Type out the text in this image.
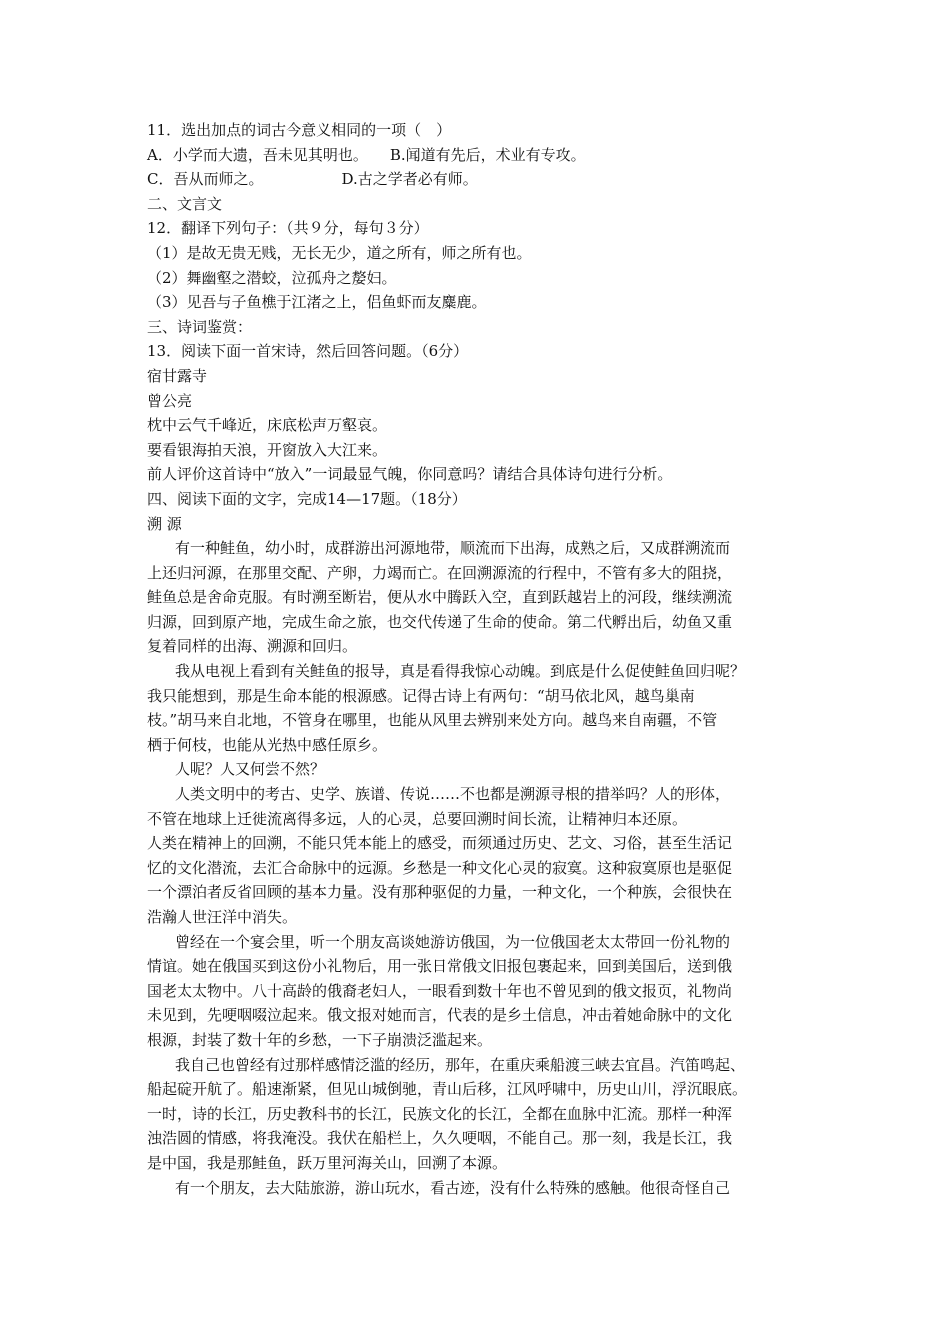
11．选出加点的词古今意义相同的一项（　）
A．小学而大遗，吾未见其明也。 B.闻道有先后，术业有专攻。
C．吾从而师之。	D.古之学者必有师。
二、文言文
12．翻译下列句子：（共９分，每句３分）
（1）是故无贵无贱，无长无少，道之所有，师之所有也。
（2）舞幽壑之潜蛟，泣孤舟之嫠妇。
（3）见吾与子鱼樵于江渚之上，侣鱼虾而友麋鹿。
三、诗词鉴赏：
13．阅读下面一首宋诗，然后回答问题。（6分）
宿甘露寺
曾公亮
枕中云气千峰近，床底松声万壑哀。
要看银海拍天浪，开窗放入大江来。
前人评价这首诗中“放入”一词最显气魄，你同意吗？请结合具体诗句进行分析。
四、阅读下面的文字，完成14—17题。（18分）
溯 源
有一种鲑鱼，幼小时，成群游出河源地带，顺流而下出海，成熟之后，又成群溯流而
上还归河源，在那里交配、产卵，力竭而亡。在回溯源流的行程中，不管有多大的阻挠，
鲑鱼总是舍命克服。有时溯至断岩，便从水中腾跃入空，直到跃越岩上的河段，继续溯流
归源，回到原产地，完成生命之旅，也交代传递了生命的使命。第二代孵出后，幼鱼又重
复着同样的出海、溯源和回归。
我从电视上看到有关鲑鱼的报导，真是看得我惊心动魄。到底是什么促使鲑鱼回归呢？
我只能想到，那是生命本能的根源感。记得古诗上有两句：“胡马依北风，越鸟巢南
枝。”胡马来自北地，不管身在哪里，也能从风里去辨别来处方向。越鸟来自南疆，不管
栖于何枝，也能从光热中感任原乡。
人呢？人又何尝不然？
人类文明中的考古、史学、族谱、传说……不也都是溯源寻根的措举吗？人的形体，
不管在地球上迁徙流离得多远，人的心灵，总要回溯时间长流，让精神归本还原。
人类在精神上的回溯，不能只凭本能上的感受，而须通过历史、艺文、习俗，甚至生活记
忆的文化潜流，去汇合命脉中的远源。乡愁是一种文化心灵的寂寞。这种寂寞原也是驱促
一个漂泊者反省回顾的基本力量。没有那种驱促的力量，一种文化，一个种族，会很快在
浩瀚人世汪洋中消失。
曾经在一个宴会里，听一个朋友高谈她游访俄国，为一位俄国老太太带回一份礼物的
情谊。她在俄国买到这份小礼物后，用一张日常俄文旧报包裹起来，回到美国后，送到俄
国老太太物中。八十高龄的俄裔老妇人，一眼看到数十年也不曾见到的俄文报页，礼物尚
未见到，先哽咽啜泣起来。俄文报对她而言，代表的是乡土信息，冲击着她命脉中的文化
根源，封装了数十年的乡愁，一下子崩溃泛滥起来。
我自己也曾经有过那样感情泛滥的经历，那年，在重庆乘船渡三峡去宜昌。汽笛鸣起、
船起碇开航了。船速渐紧，但见山城倒驰，青山后移，江风呼啸中，历史山川，浮沉眼底。
一时，诗的长江，历史教科书的长江，民族文化的长江，全都在血脉中汇流。那样一种浑
浊浩圆的情感，将我淹没。我伏在船栏上，久久哽咽，不能自己。那一刻，我是长江，我
是中国，我是那鲑鱼，跃万里河海关山，回溯了本源。
有一个朋友，去大陆旅游，游山玩水，看古迹，没有什么特殊的感触。他很奇怪自己
